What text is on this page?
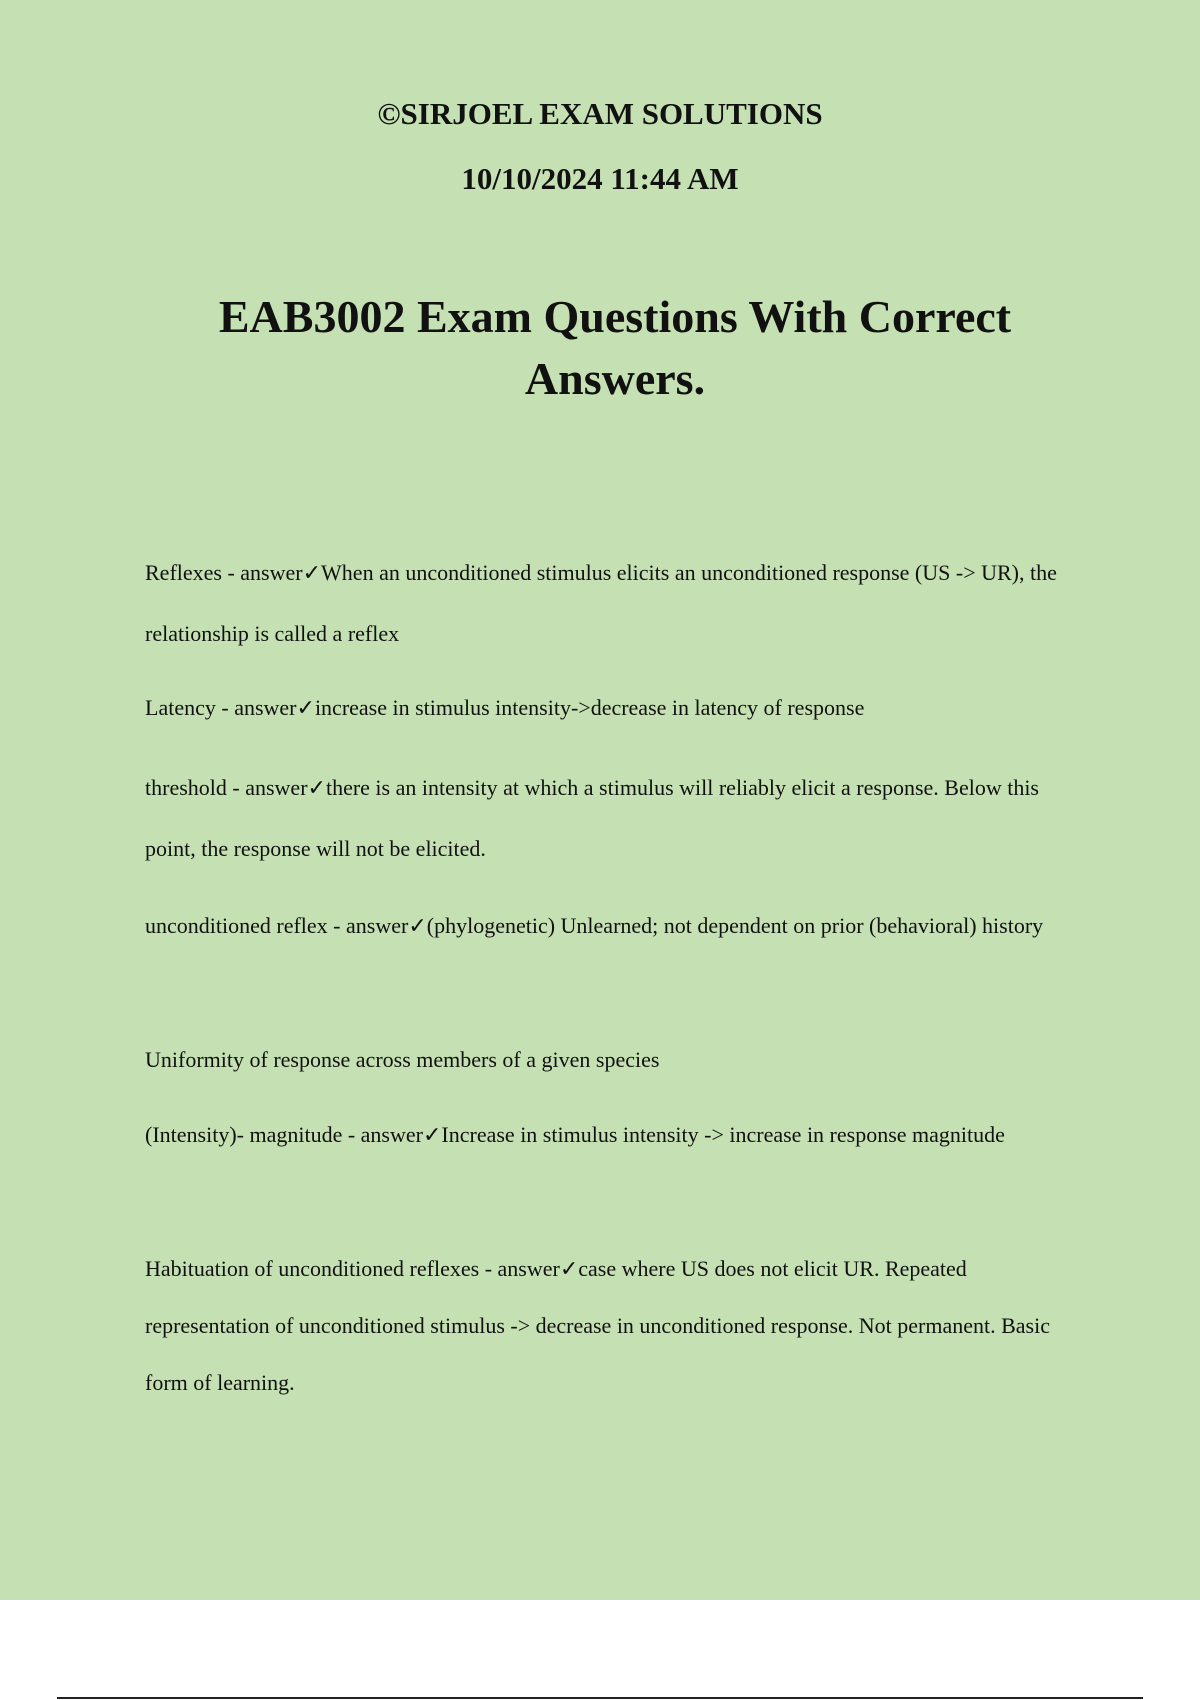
©SIRJOEL EXAM SOLUTIONS
10/10/2024 11:44 AM
EAB3002 Exam Questions With Correct Answers.

Reflexes - answer✓When an unconditioned stimulus elicits an unconditioned response (US -> UR), the relationship is called a reflex

Latency - answer✓increase in stimulus intensity->decrease in latency of response

threshold - answer✓there is an intensity at which a stimulus will reliably elicit a response. Below this point, the response will not be elicited.

unconditioned reflex - answer✓(phylogenetic) Unlearned; not dependent on prior (behavioral) history

Uniformity of response across members of a given species

(Intensity)- magnitude - answer✓Increase in stimulus intensity -> increase in response magnitude

Habituation of unconditioned reflexes - answer✓case where US does not elicit UR. Repeated representation of unconditioned stimulus -> decrease in unconditioned response. Not permanent. Basic form of learning.
